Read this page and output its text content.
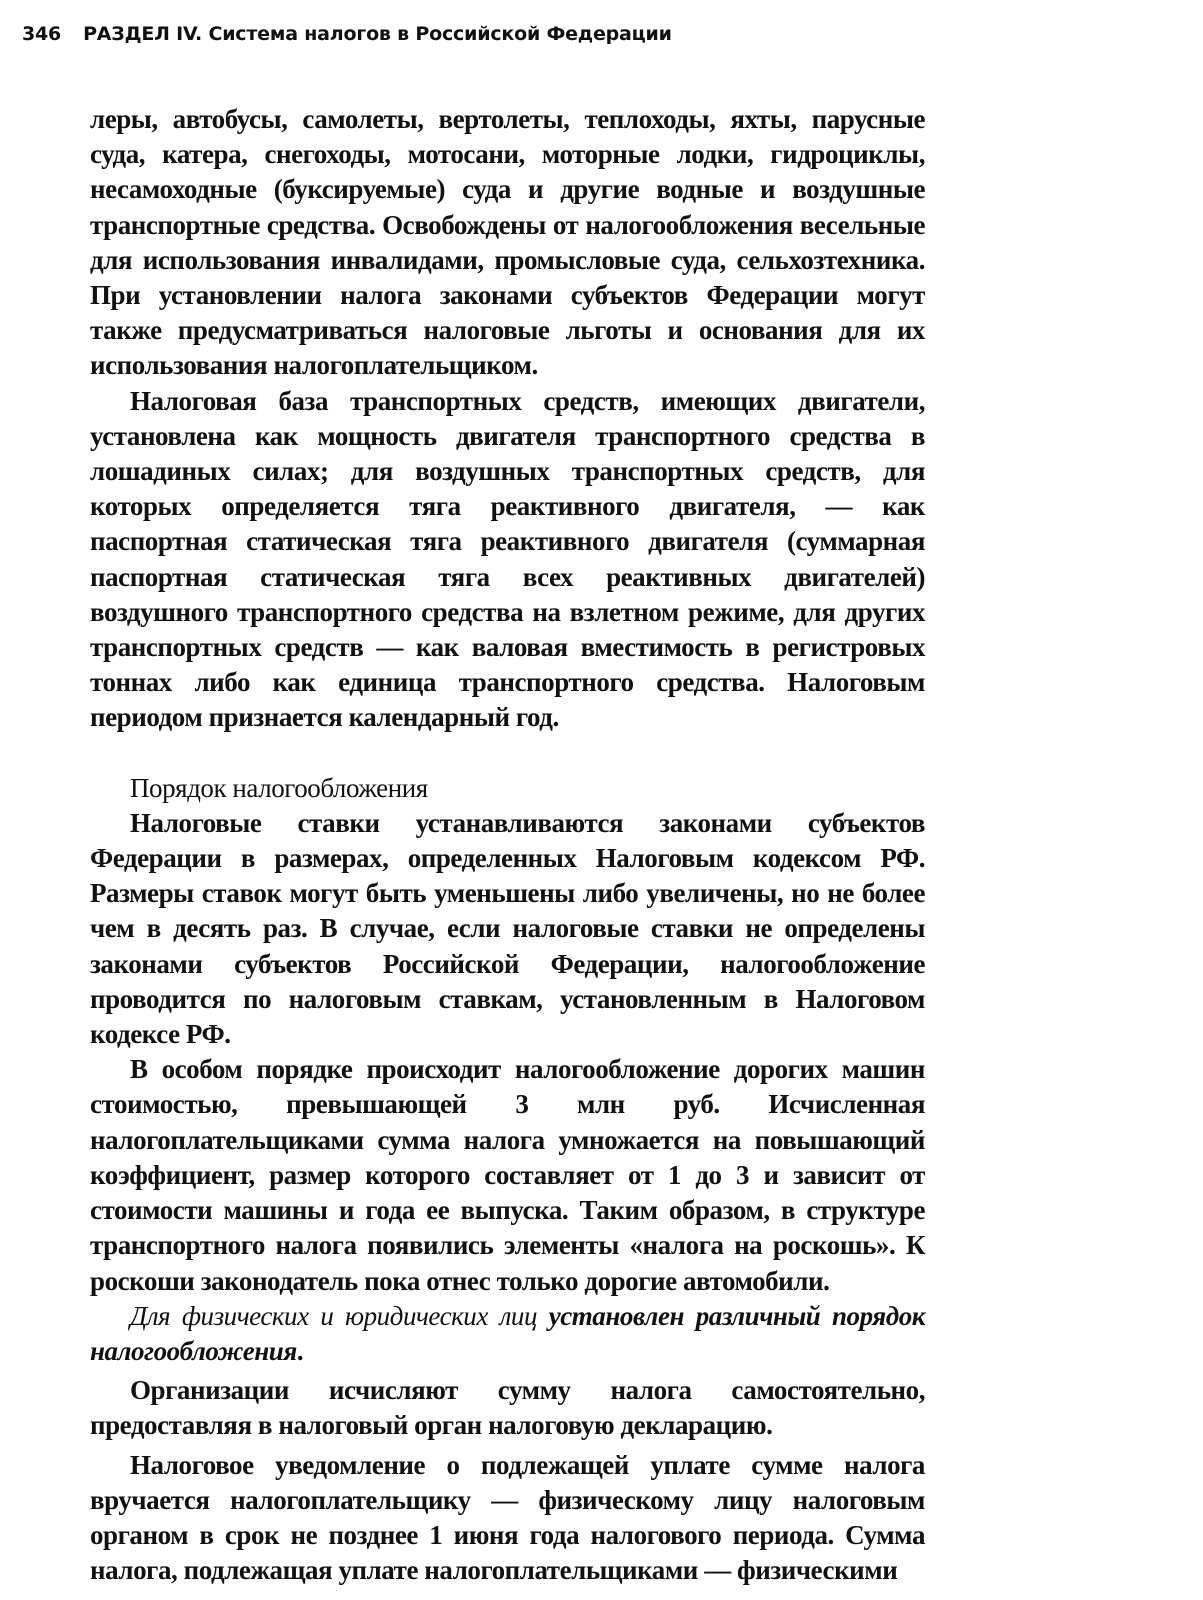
346 РАЗДЕЛ IV. Система налогов в Российской Федерации

леры, автобусы, самолеты, вертолеты, теплоходы, яхты, парусные суда, катера, снегоходы, мотосани, моторные лодки, гидроциклы, несамоходные (буксируемые) суда и другие водные и воздушные транспортные средства. Освобождены от налогообложения весельные для использования инвалидами, промысловые суда, сельхозтехника. При установлении налога законами субъектов Федерации могут также предусматриваться налоговые льготы и основания для их использования налогоплательщиком.

Налоговая база транспортных средств, имеющих двигатели, установлена как мощность двигателя транспортного средства в лошадиных силах; для воздушных транспортных средств, для которых определяется тяга реактивного двигателя, — как паспортная статическая тяга реактивного двигателя (суммарная паспортная статическая тяга всех реактивных двигателей) воздушного транспортного средства на взлетном режиме, для других транспортных средств — как валовая вместимость в регистровых тоннах либо как единица транспортного средства. Налоговым периодом признается календарный год.

Порядок налогообложения

Налоговые ставки устанавливаются законами субъектов Федерации в размерах, определенных Налоговым кодексом РФ. Размеры ставок могут быть уменьшены либо увеличены, но не более чем в десять раз. В случае, если налоговые ставки не определены законами субъектов Российской Федерации, налогообложение проводится по налоговым ставкам, установленным в Налоговом кодексе РФ.

В особом порядке происходит налогообложение дорогих машин стоимостью, превышающей 3 млн руб. Исчисленная налогоплательщиками сумма налога умножается на повышающий коэффициент, размер которого составляет от 1 до 3 и зависит от стоимости машины и года ее выпуска. Таким образом, в структуре транспортного налога появились элементы «налога на роскошь». К роскоши законодатель пока отнес только дорогие автомобили.

Для физических и юридических лиц установлен различный порядок налогообложения.

Организации исчисляют сумму налога самостоятельно, предоставляя в налоговый орган налоговую декларацию.

Налоговое уведомление о подлежащей уплате сумме налога вручается налогоплательщику — физическому лицу налоговым органом в срок не позднее 1 июня года налогового периода. Сумма налога, подлежащая уплате налогоплательщиками — физическими
